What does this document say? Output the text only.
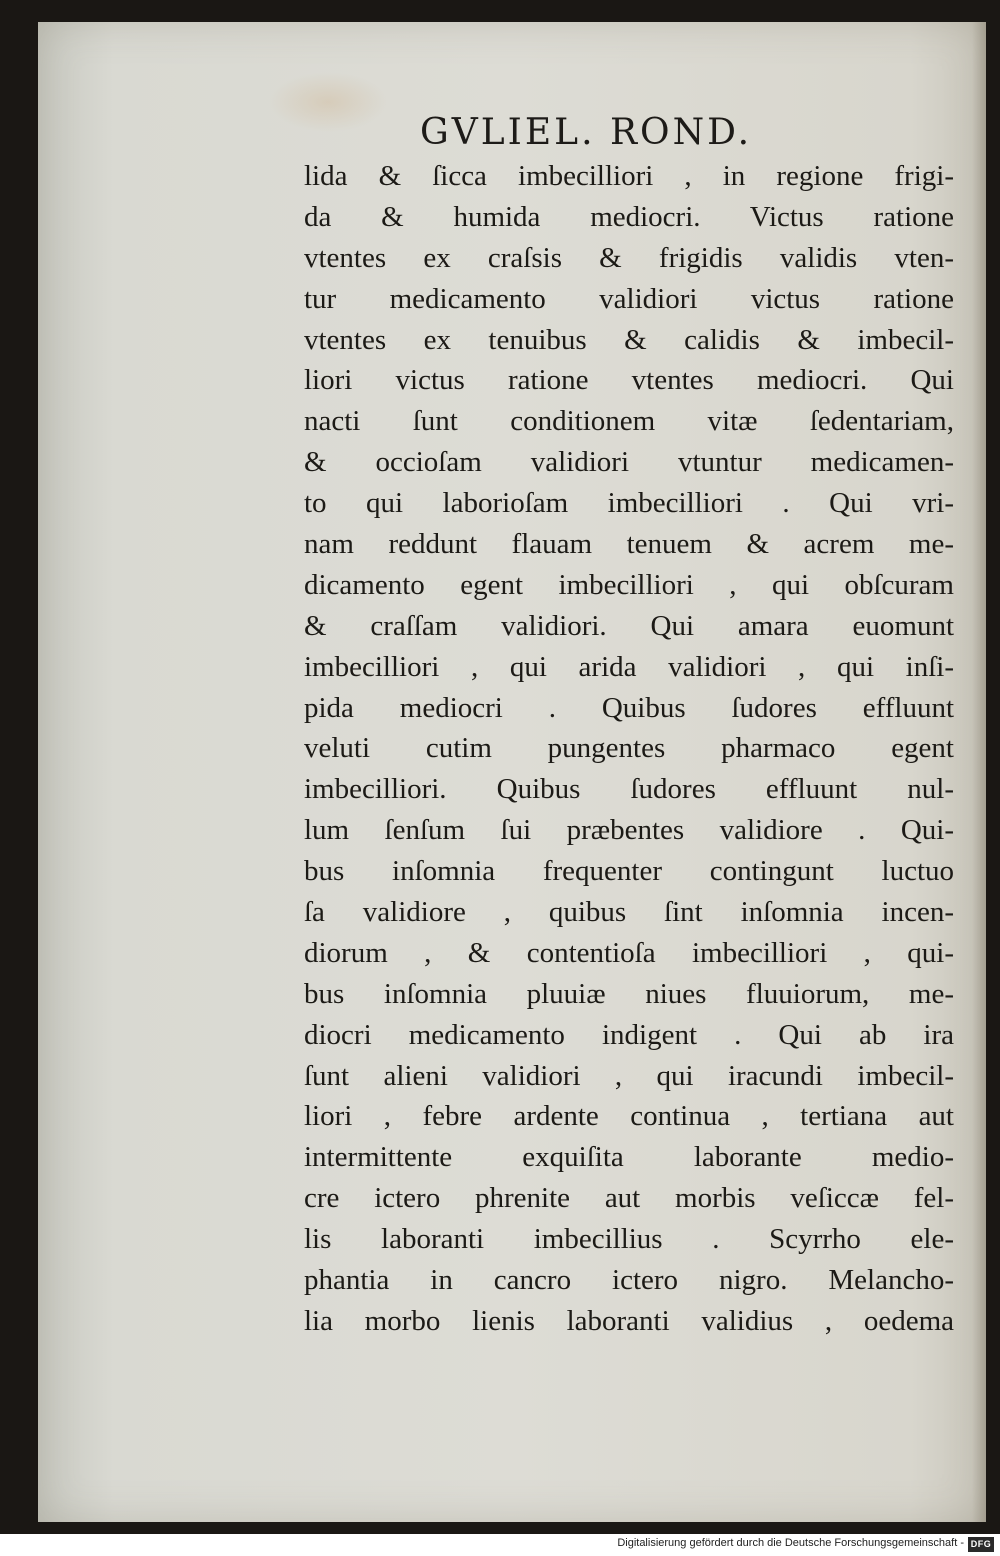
GVLIEL. ROND.
lida & ſicca imbecilliori , in regione frigi-
da & humida mediocri. Victus ratione
vtentes ex craſsis & frigidis validis vten-
tur medicamento validiori victus ratione
vtentes ex tenuibus & calidis & imbecil-
liori victus ratione vtentes mediocri. Qui
nacti ſunt conditionem vitæ ſedentariam,
& occioſam validiori vtuntur medicamen-
to qui laborioſam imbecilliori . Qui vri-
nam reddunt flauam tenuem & acrem me-
dicamento egent imbecilliori , qui obſcuram
& craſſam validiori. Qui amara euomunt
imbecilliori , qui arida validiori , qui inſi-
pida mediocri . Quibus ſudores effluunt
veluti cutim pungentes pharmaco egent
imbecilliori. Quibus ſudores effluunt nul-
lum ſenſum ſui præbentes validiore . Qui-
bus inſomnia frequenter contingunt luctuo
ſa validiore , quibus ſint inſomnia incen-
diorum , & contentioſa imbecilliori , qui-
bus inſomnia pluuiæ niues fluuiorum, me-
diocri medicamento indigent . Qui ab ira
ſunt alieni validiori , qui iracundi imbecil-
liori , febre ardente continua , tertiana aut
intermittente exquiſita laborante medio-
cre ictero phrenite aut morbis veſiccæ fel-
lis laboranti imbecillius . Scyrrho ele-
phantia in cancro ictero nigro. Melancho-
lia morbo lienis laboranti validius , oedema
Digitalisierung gefördert durch die Deutsche Forschungsgemeinschaft - DFG
